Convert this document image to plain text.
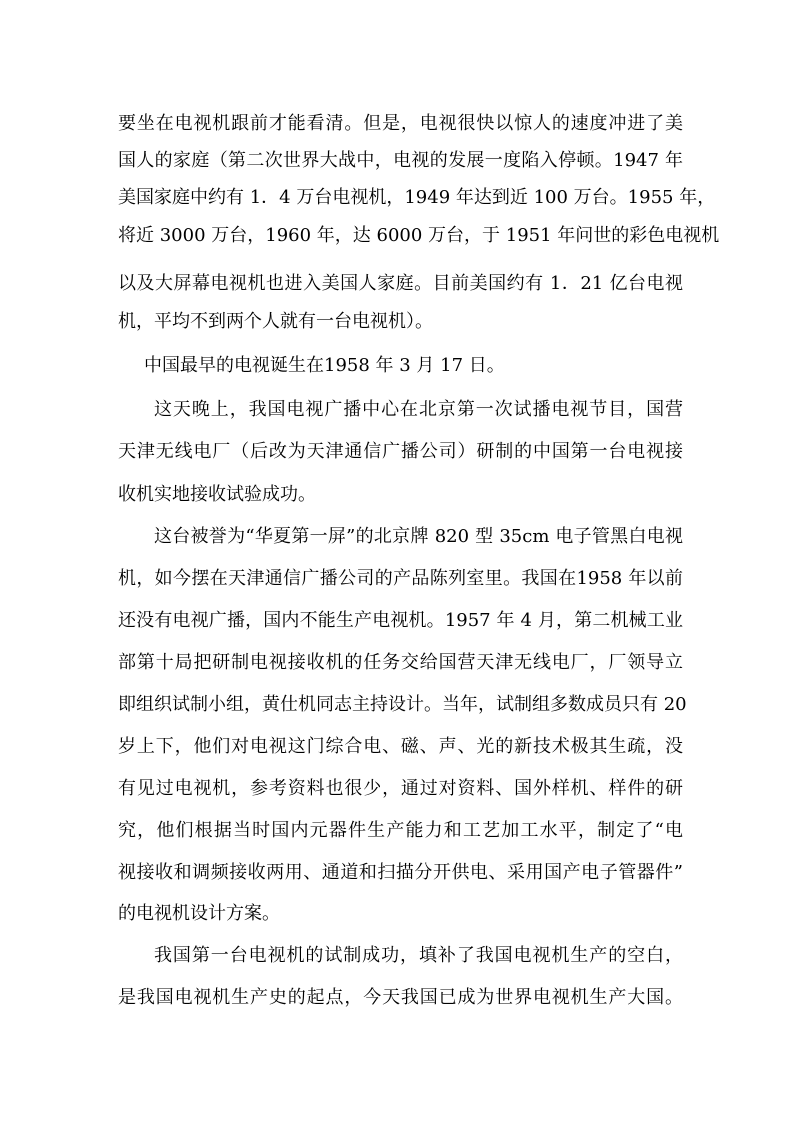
要坐在电视机跟前才能看清。但是，电视很快以惊人的速度冲进了美
国人的家庭（第二次世界大战中，电视的发展一度陷入停顿。1947 年
美国家庭中约有 1．4 万台电视机，1949 年达到近 100 万台。1955 年，
将近 3000 万台，1960 年，达 6000 万台，于 1951 年问世的彩色电视机
以及大屏幕电视机也进入美国人家庭。目前美国约有 1．21 亿台电视
机，平均不到两个人就有一台电视机）。
中国最早的电视诞生在1958 年 3 月 17 日。
这天晚上，我国电视广播中心在北京第一次试播电视节目，国营
天津无线电厂（后改为天津通信广播公司）研制的中国第一台电视接
收机实地接收试验成功。
这台被誉为“华夏第一屏”的北京牌 820 型 35cm 电子管黑白电视
机，如今摆在天津通信广播公司的产品陈列室里。我国在1958 年以前
还没有电视广播，国内不能生产电视机。1957 年 4 月，第二机械工业
部第十局把研制电视接收机的任务交给国营天津无线电厂，厂领导立
即组织试制小组，黄仕机同志主持设计。当年，试制组多数成员只有 20
岁上下，他们对电视这门综合电、磁、声、光的新技术极其生疏，没
有见过电视机，参考资料也很少，通过对资料、国外样机、样件的研
究，他们根据当时国内元器件生产能力和工艺加工水平，制定了“电
视接收和调频接收两用、通道和扫描分开供电、采用国产电子管器件”
的电视机设计方案。
我国第一台电视机的试制成功，填补了我国电视机生产的空白，
是我国电视机生产史的起点，今天我国已成为世界电视机生产大国。
